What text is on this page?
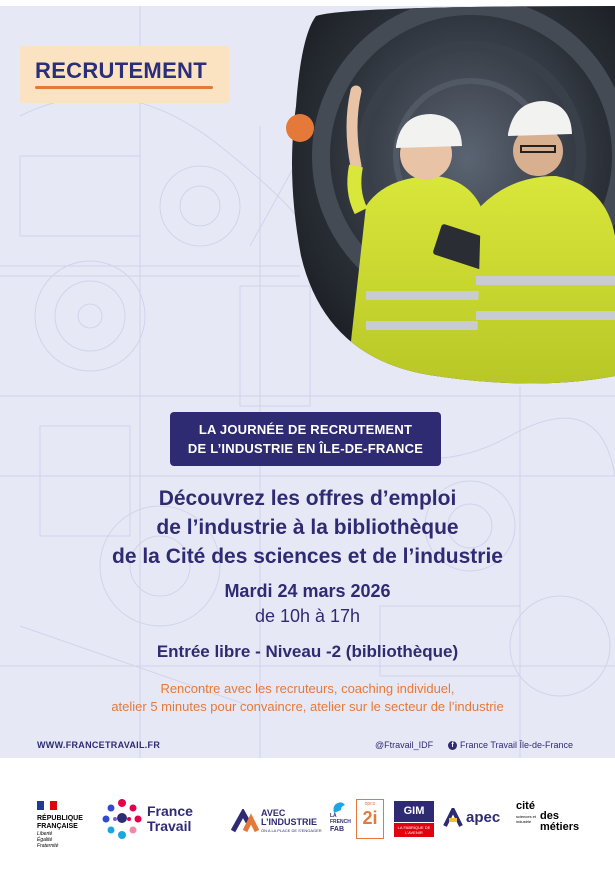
RECRUTEMENT
LA JOURNÉE DE RECRUTEMENT
DE L’INDUSTRIE EN ÎLE-DE-FRANCE
Découvrez les offres d’emploi
de l’industrie à la bibliothèque
de la Cité des sciences et de l’industrie
Mardi 24 mars 2026
de 10h à 17h
Entrée libre - Niveau -2 (bibliothèque)
Rencontre avec les recruteurs, coaching individuel,
atelier 5 minutes pour convaincre, atelier sur le secteur de l’industrie
WWW.FRANCETRAVAIL.FR	@Ftravail_IDF	f France Travail Île-de-France
RÉPUBLIQUE
FRANÇAISE
Liberté
Égalité
Fraternité
France
Travail
AVEC
L’INDUSTRIE
ON A LA PLACE DE S’ENGAGER
LA
FRENCH
FAB
opco
2i	GIM
LA FABRIQUE DE L’AVENIR
apec
cité
sciences et industrie des
métiers
